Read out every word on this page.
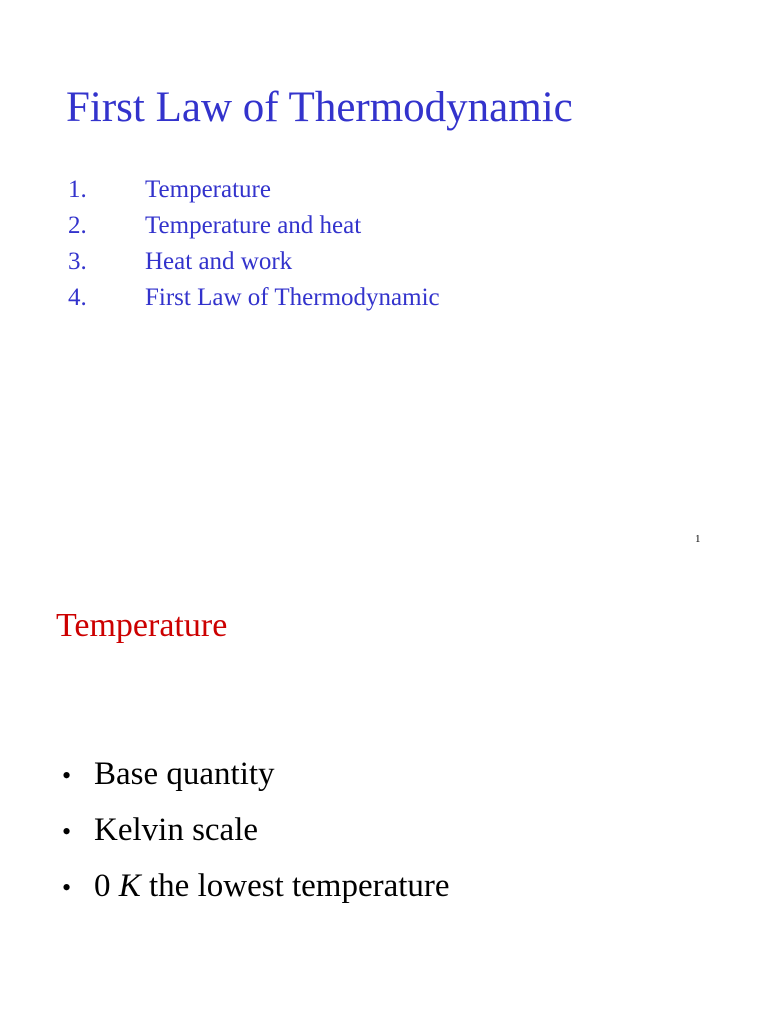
First Law of Thermodynamic
1.	Temperature
2.	Temperature and heat
3.	Heat and work
4.	First Law of Thermodynamic
1
Temperature
• Base quantity
• Kelvin scale
• 0 K the lowest temperature
